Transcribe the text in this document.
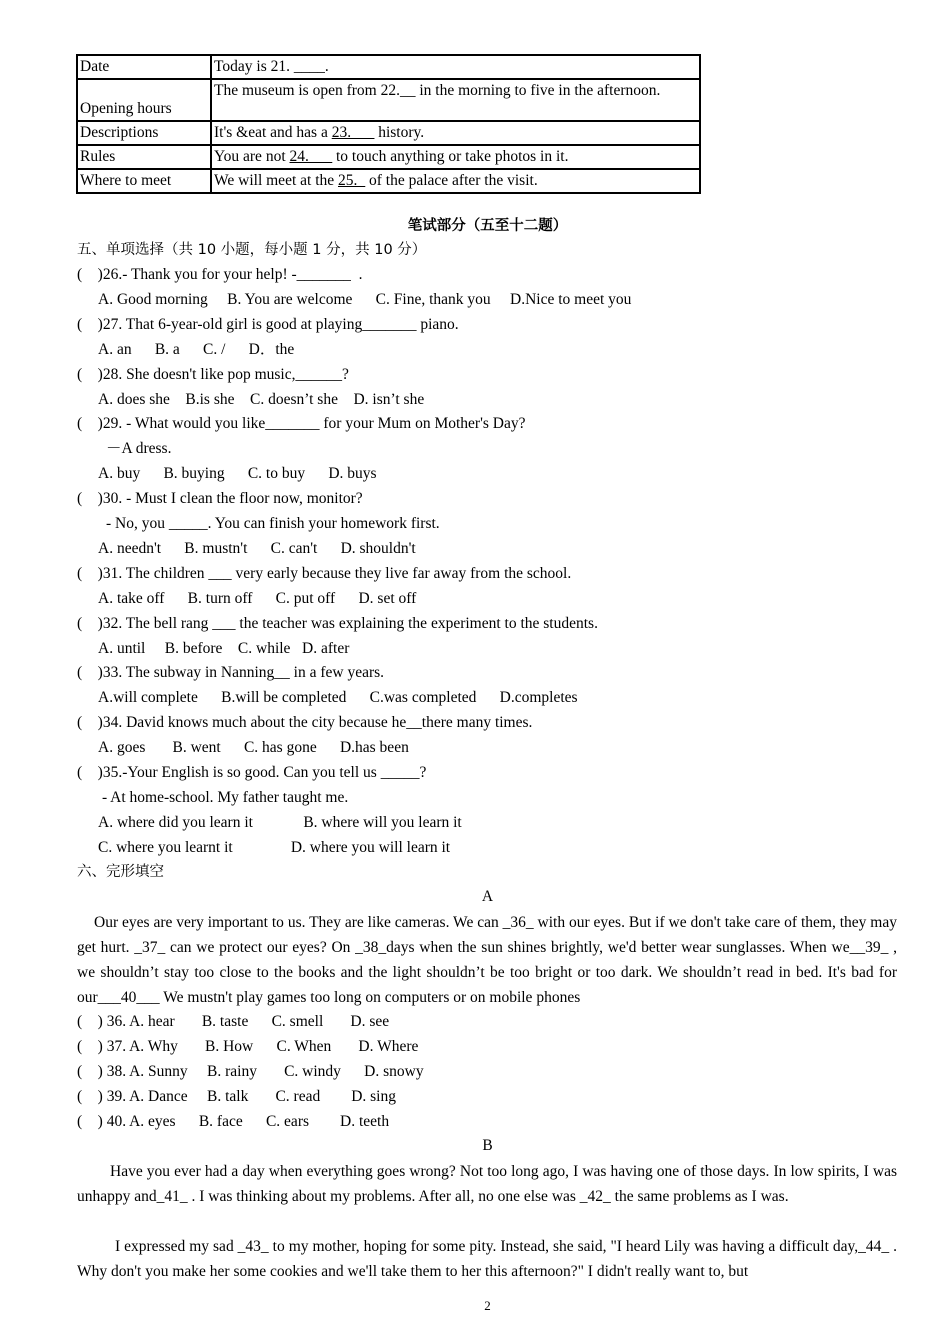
Date	Today is 21. ____.
Opening hours	The museum is open from 22.__ in the morning to five in the afternoon.
Descriptions	It's &eat and has a 23.___ history.
Rules	You are not 24.___ to touch anything or take photos in it.
Where to meet	We will meet at the 25._ of the palace after the visit.
笔试部分（五至十二题）
五、单项选择（共 10 小题，每小题 1 分，共 10 分）
(    )26.- Thank you for your help! -_______  .
A. Good morning     B. You are welcome      C. Fine, thank you     D.Nice to meet you
(    )27. That 6-year-old girl is good at playing_______ piano.
A. an      B. a      C. /      D．the
(    )28. She doesn't like pop music,______?
A. does she    B.is she    C. doesn’t she    D. isn’t she
(    )29. - What would you like_______ for your Mum on Mother's Day?
－A dress.
A. buy      B. buying      C. to buy      D. buys
(    )30. - Must I clean the floor now, monitor?
- No, you _____. You can finish your homework first.
A. needn't      B. mustn't      C. can't      D. shouldn't
(    )31. The children ___ very early because they live far away from the school.
A. take off      B. turn off      C. put off      D. set off
(    )32. The bell rang ___ the teacher was explaining the experiment to the students.
A. until     B. before    C. while   D. after
(    )33. The subway in Nanning__ in a few years.
A.will complete      B.will be completed      C.was completed      D.completes
(    )34. David knows much about the city because he__there many times.
A. goes       B. went      C. has gone      D.has been
(    )35.-Your English is so good. Can you tell us _____?
- At home-school. My father taught me.
A. where did you learn it             B. where will you learn it
C. where you learnt it               D. where you will learn it
六、完形填空
A
Our eyes are very important to us. They are like cameras. We can _36_ with our eyes. But if we don't take care of them, they may get hurt. _37_ can we protect our eyes? On _38_days when the sun shines brightly, we'd better wear sunglasses. When we__39_ , we shouldn’t stay too close to the books and the light shouldn’t be too bright or too dark. We shouldn’t read in bed. It's bad for our___40___ We mustn't play games too long on computers or on mobile phones
(    ) 36. A. hear       B. taste      C. smell       D. see
(    ) 37. A. Why       B. How      C. When       D. Where
(    ) 38. A. Sunny     B. rainy       C. windy      D. snowy
(    ) 39. A. Dance     B. talk       C. read        D. sing
(    ) 40. A. eyes      B. face      C. ears        D. teeth
B
Have you ever had a day when everything goes wrong? Not too long ago, I was having one of those days. In low spirits, I was unhappy and_41_ . I was thinking about my problems. After all, no one else was _42_ the same problems as I was.
I expressed my sad _43_ to my mother, hoping for some pity. Instead, she said, "I heard Lily was having a difficult day,_44_ . Why don't you make her some cookies and we'll take them to her this afternoon?" I didn't really want to, but
2
